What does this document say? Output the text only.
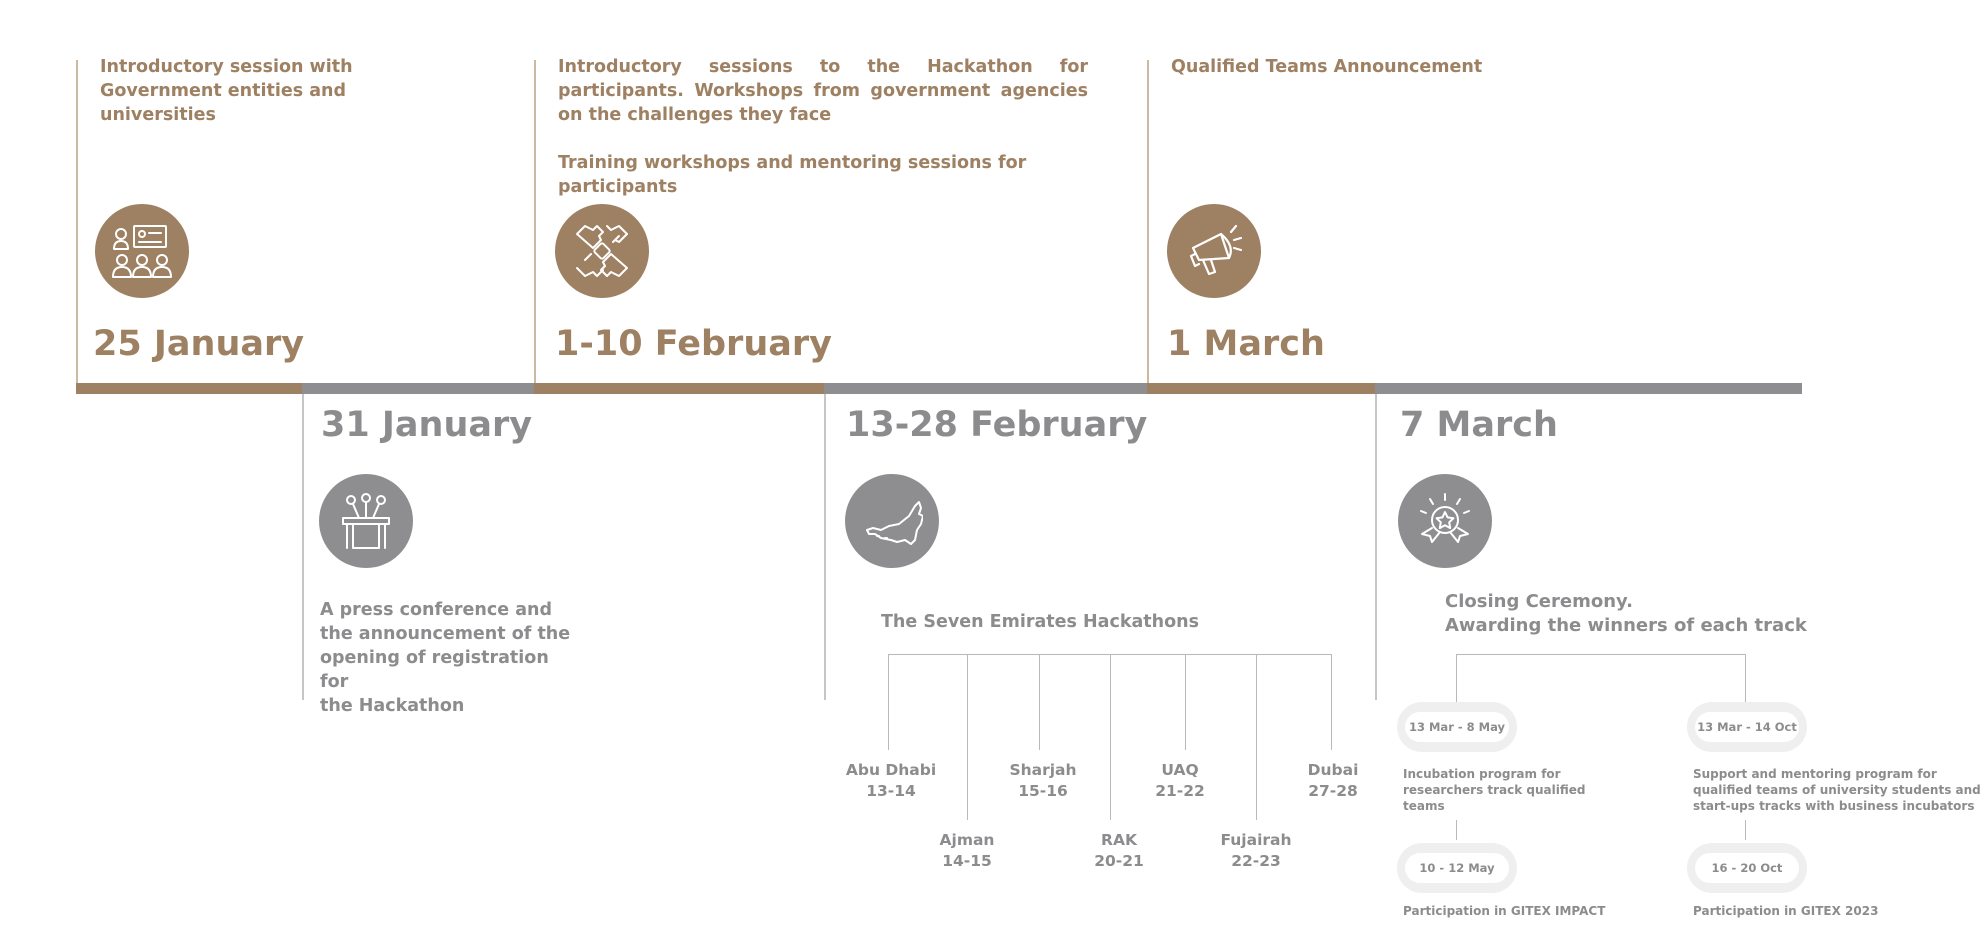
Introductory session with

Government entities and

universities

25 January

Introductory sessions to the Hackathon for participants. Workshops from government agencies on the challenges they face

Training workshops and mentoring sessions for participants

1-10 February

Qualified Teams Announcement

1 March
31 January

A press conference and

the announcement of the

opening of registration for

the Hackathon

13-28 February

The Seven Emirates Hackathons

Abu Dhabi
13-14
Ajman
14-15
Sharjah
15-16
RAK
20-21
UAQ
21-22
Fujairah
22-23
Dubai
27-28
7 March

Closing Ceremony.

Awarding the winners of each track

13 Mar - 8 May
Incubation program for
researchers track qualified
teams
10 - 12 May
Participation in GITEX IMPACT
13 Mar - 14 Oct
Support and mentoring program for
qualified teams of university students and
start-ups tracks with business incubators
16 - 20 Oct
Participation in GITEX 2023
